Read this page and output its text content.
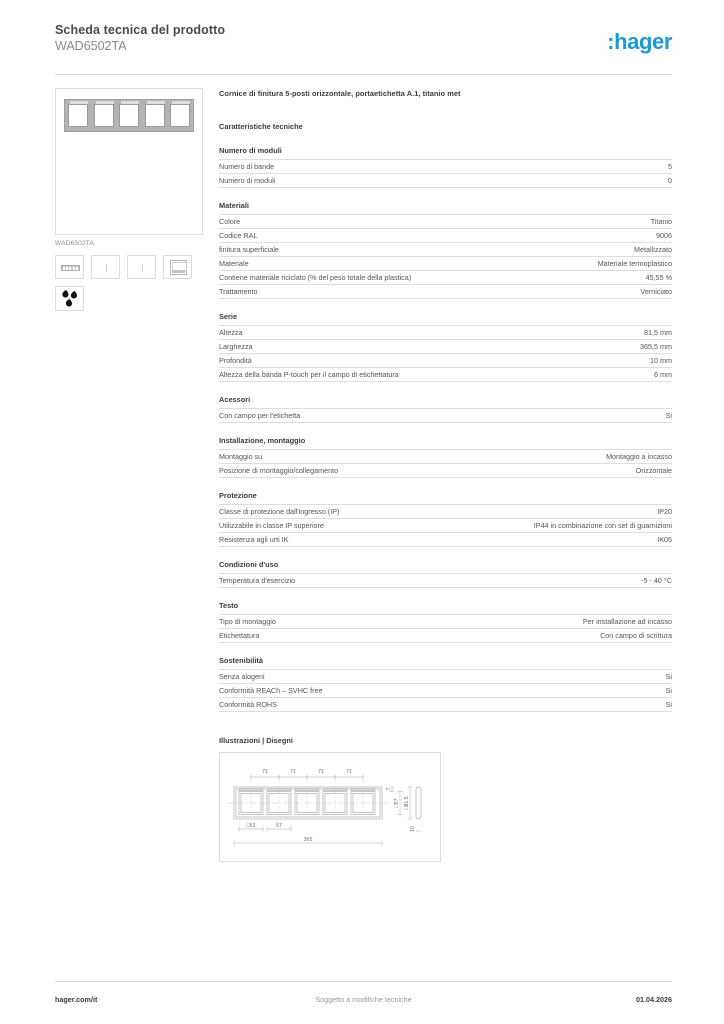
Scheda tecnica del prodotto
WAD6502TA	:hager
WAD6502TA
Cornice di finitura 5-posti orizzontale, portaetichetta A.1, titanio met
Caratteristiche tecniche
Numero di moduli
Numero di bande	5
Numero di moduli	0
Materiali
Colore	Titanio
Codice RAL	9006
finitura superficiale	Metallizzato
Materiale	Materiale termoplastico
Contiene materiale riciclato (% del peso totale della plastica)	45,55 %
Trattamento	Verniciato
Serie
Altezza	81,5 mm
Larghezza	365,5 mm
Profondità	10 mm
Altezza della banda P-touch per il campo di etichettatura	6 mm
Acessori
Con campo per l'etichetta	Si
Installazione, montaggio
Montaggio su	Montaggio a incasso
Posizione di montaggio/collegamento	Orizzontale
Protezione
Classe di protezione dall'ingresso (IP)	IP20
Utilizzabile in classe IP superiore	IP44 in combinazione con set di guarnizioni
Resistenza agli urti IK	IK05
Condizioni d'uso
Temperatura d'esercizio	-5 - 40 °C
Testo
Tipo di montaggio	Per installazione ad incasso
Etichettatura	Con campo di scrittura
Sostenibilità
Senza alogeni	Si
Conformità REACh – SVHC free	Si
Conformità ROHS	Si
Illustrazioni | Disegni
71	71	71	71
□52	57
365
7
□57 □81,5
10
hager.com/it	Soggetto a modifiche tecniche	01.04.2026
